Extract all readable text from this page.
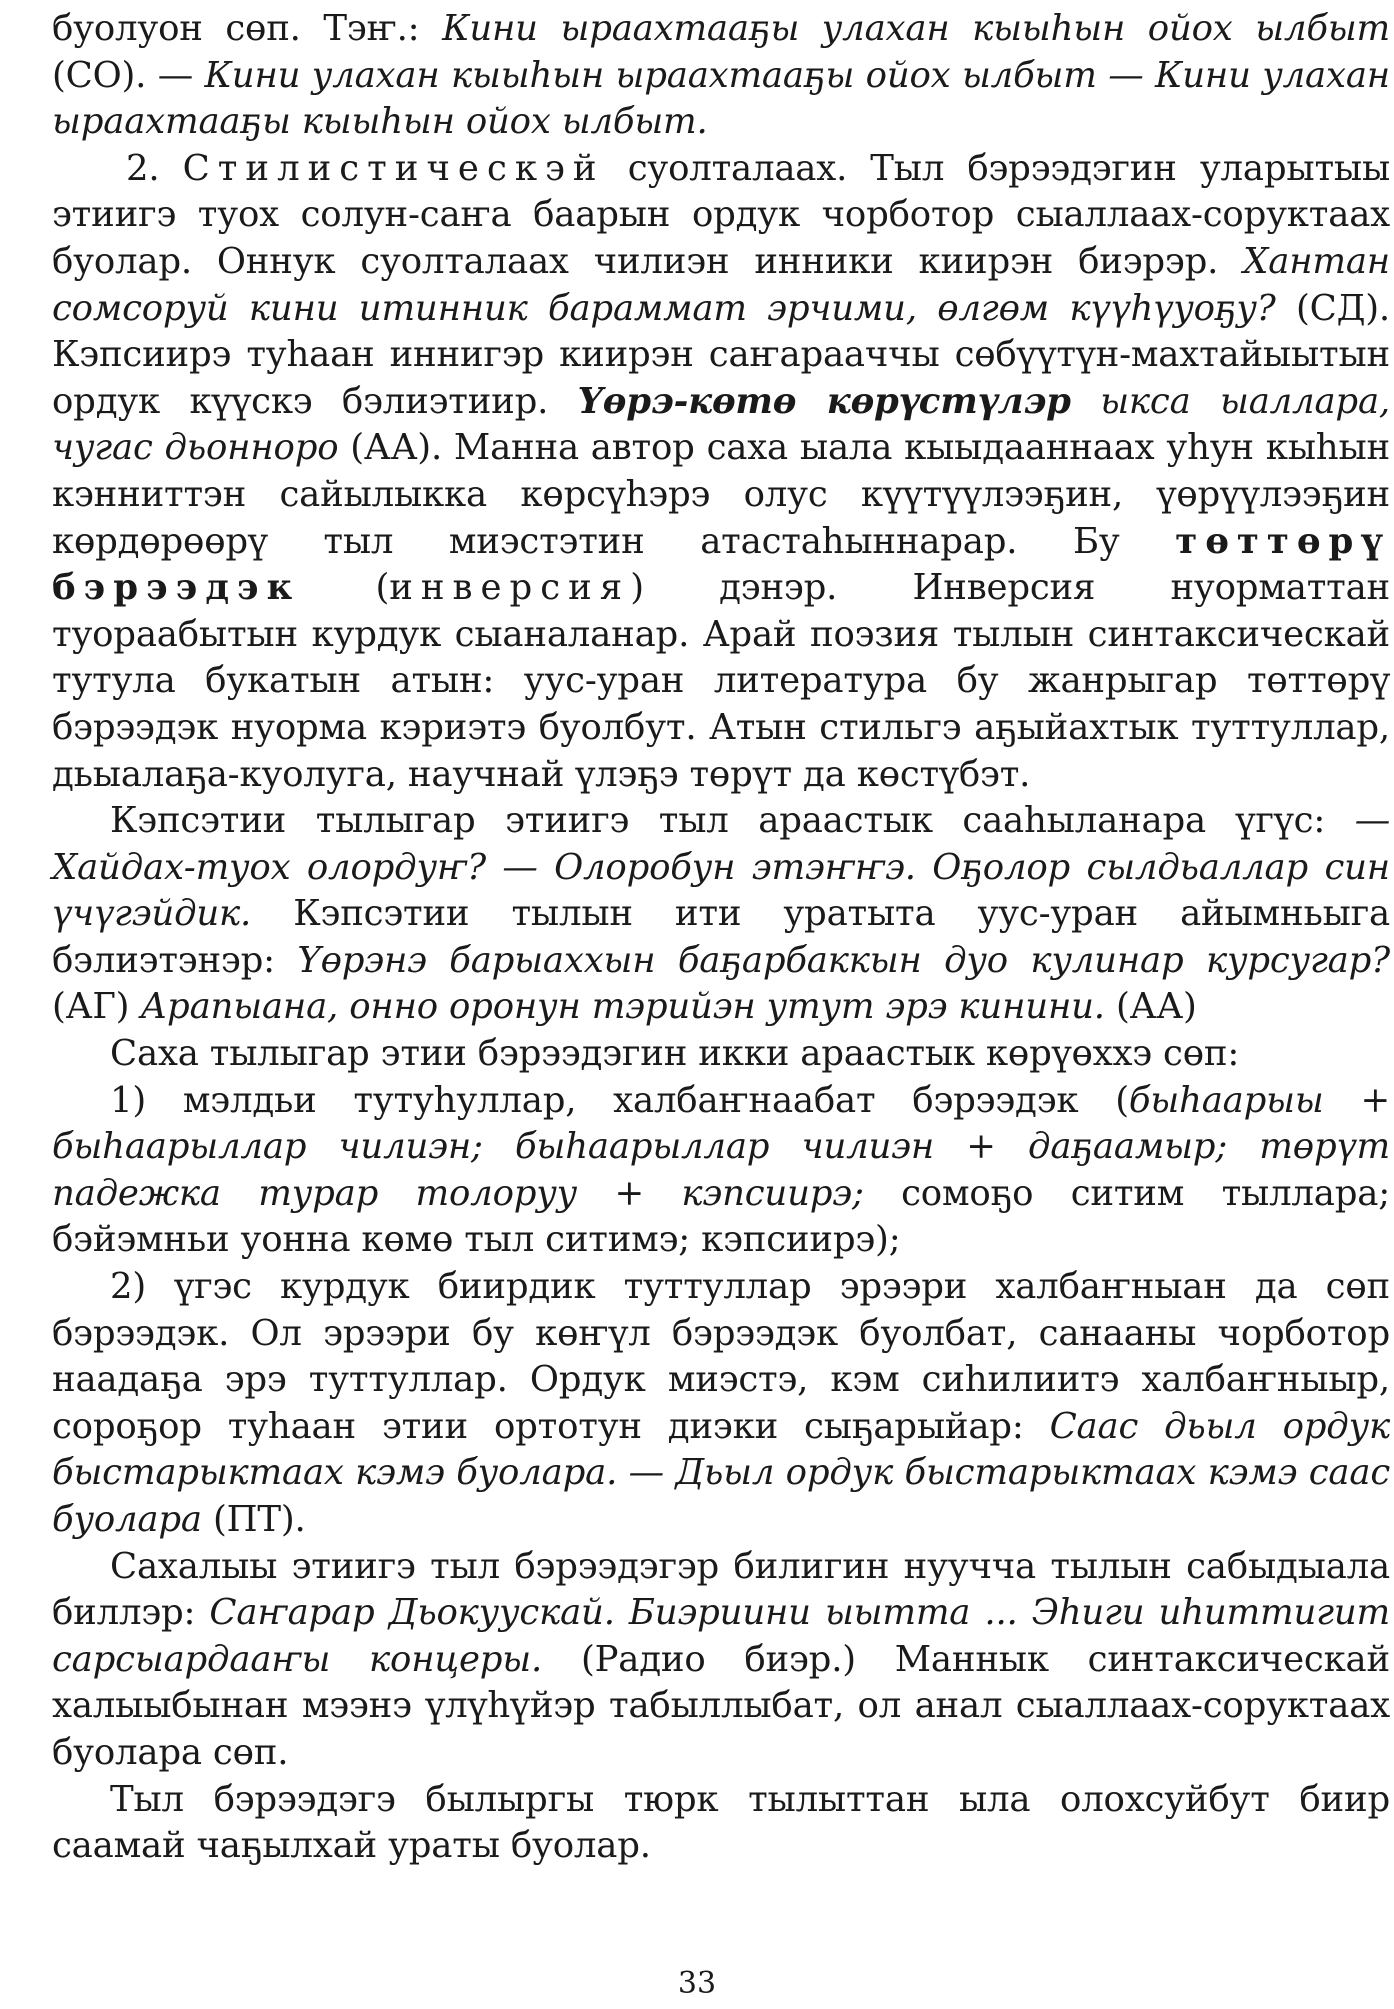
буолуон сөп. Тэҥ.: Кини ыраахтааҕы улахан кыыһын ойох ылбыт (СО). — Кини улахан кыыһын ыраахтааҕы ойох ылбыт — Кини улахан ыраахтааҕы кыыһын ойох ылбыт.

2. Стилистическэй суолталаах. Тыл бэрээдэгин уларытыы этиигэ туох солун-саҥа баарын ордук чорботор сыаллаах-соруктаах буолар. Оннук суолталаах чилиэн инники киирэн биэрэр. Хантан сомсоруй кини итинник бараммат эрчими, өлгөм күүһүуоҕу? (СД). Кэпсиирэ туһаан иннигэр киирэн саҥарааччы сөбүүтүн-махтайыытын ордук күүскэ бэлиэтиир. Үөрэ-көтө көрүстүлэр ыкса ыаллара, чугас дьонноро (АА). Манна автор саха ыала кыыдааннаах уһун кыһын кэнниттэн сайылыкка көрсүһэрэ олус күүтүүлээҕин, үөрүүлээҕин көрдөрөөрү тыл миэстэтин атастаһыннарар. Бу төттөрү бэрээдэк (инверсия) дэнэр. Инверсия нуорматтан туораабытын курдук сыаналанар. Арай поэзия тылын синтаксическай тутула букатын атын: уус-уран литература бу жанрыгар төттөрү бэрээдэк нуорма кэриэтэ буолбут. Атын стильгэ аҕыйахтык туттуллар, дьыалаҕа-куолуга, научнай үлэҕэ төрүт да көстүбэт.

Кэпсэтии тылыгар этиигэ тыл араастык сааһыланара үгүс: —Хайдах-туох олордуҥ? — Олоробун этэҥҥэ. Оҕолор сылдьаллар син үчүгэйдик. Кэпсэтии тылын ити уратыта уус-уран айымньыга бэлиэтэнэр: Үөрэнэ барыаххын баҕарбаккын дуо кулинар курсугар? (АГ) Арапыана, онно оронун тэрийэн утут эрэ кинини. (АА)

Саха тылыгар этии бэрээдэгин икки араастык көрүөххэ сөп:

1) мэлдьи тутуһуллар, халбаҥнаабат бэрээдэк (быһаарыы + быһаарыллар чилиэн; быһаарыллар чилиэн + даҕаамыр; төрүт падежка турар толоруу + кэпсиирэ; сомоҕо ситим тыллара; бэйэмньи уонна көмө тыл ситимэ; кэпсиирэ);

2) үгэс курдук биирдик туттуллар эрээри халбаҥныан да сөп бэрээдэк. Ол эрээри бу көҥүл бэрээдэк буолбат, санааны чорботор наадаҕа эрэ туттуллар. Ордук миэстэ, кэм сиһилиитэ халбаҥныыр, сороҕор туһаан этии ортотун диэки сыҕарыйар: Саас дьыл ордук быстарыктаах кэмэ буолара. — Дьыл ордук быстарыктаах кэмэ саас буолара (ПТ).

Сахалыы этиигэ тыл бэрээдэгэр билигин нуучча тылын сабыдыала биллэр: Саҥарар Дьокуускай. Биэриини ыытта ... Эһиги иһиттигит сарсыардааҥы концеры. (Радио биэр.) Маннык синтаксическай халыыбынан мээнэ үлүһүйэр табыллыбат, ол анал сыаллаах-соруктаах буолара сөп.

Тыл бэрээдэгэ былыргы тюрк тылыттан ыла олохсуйбут биир саамай чаҕылхай ураты буолар.

33
